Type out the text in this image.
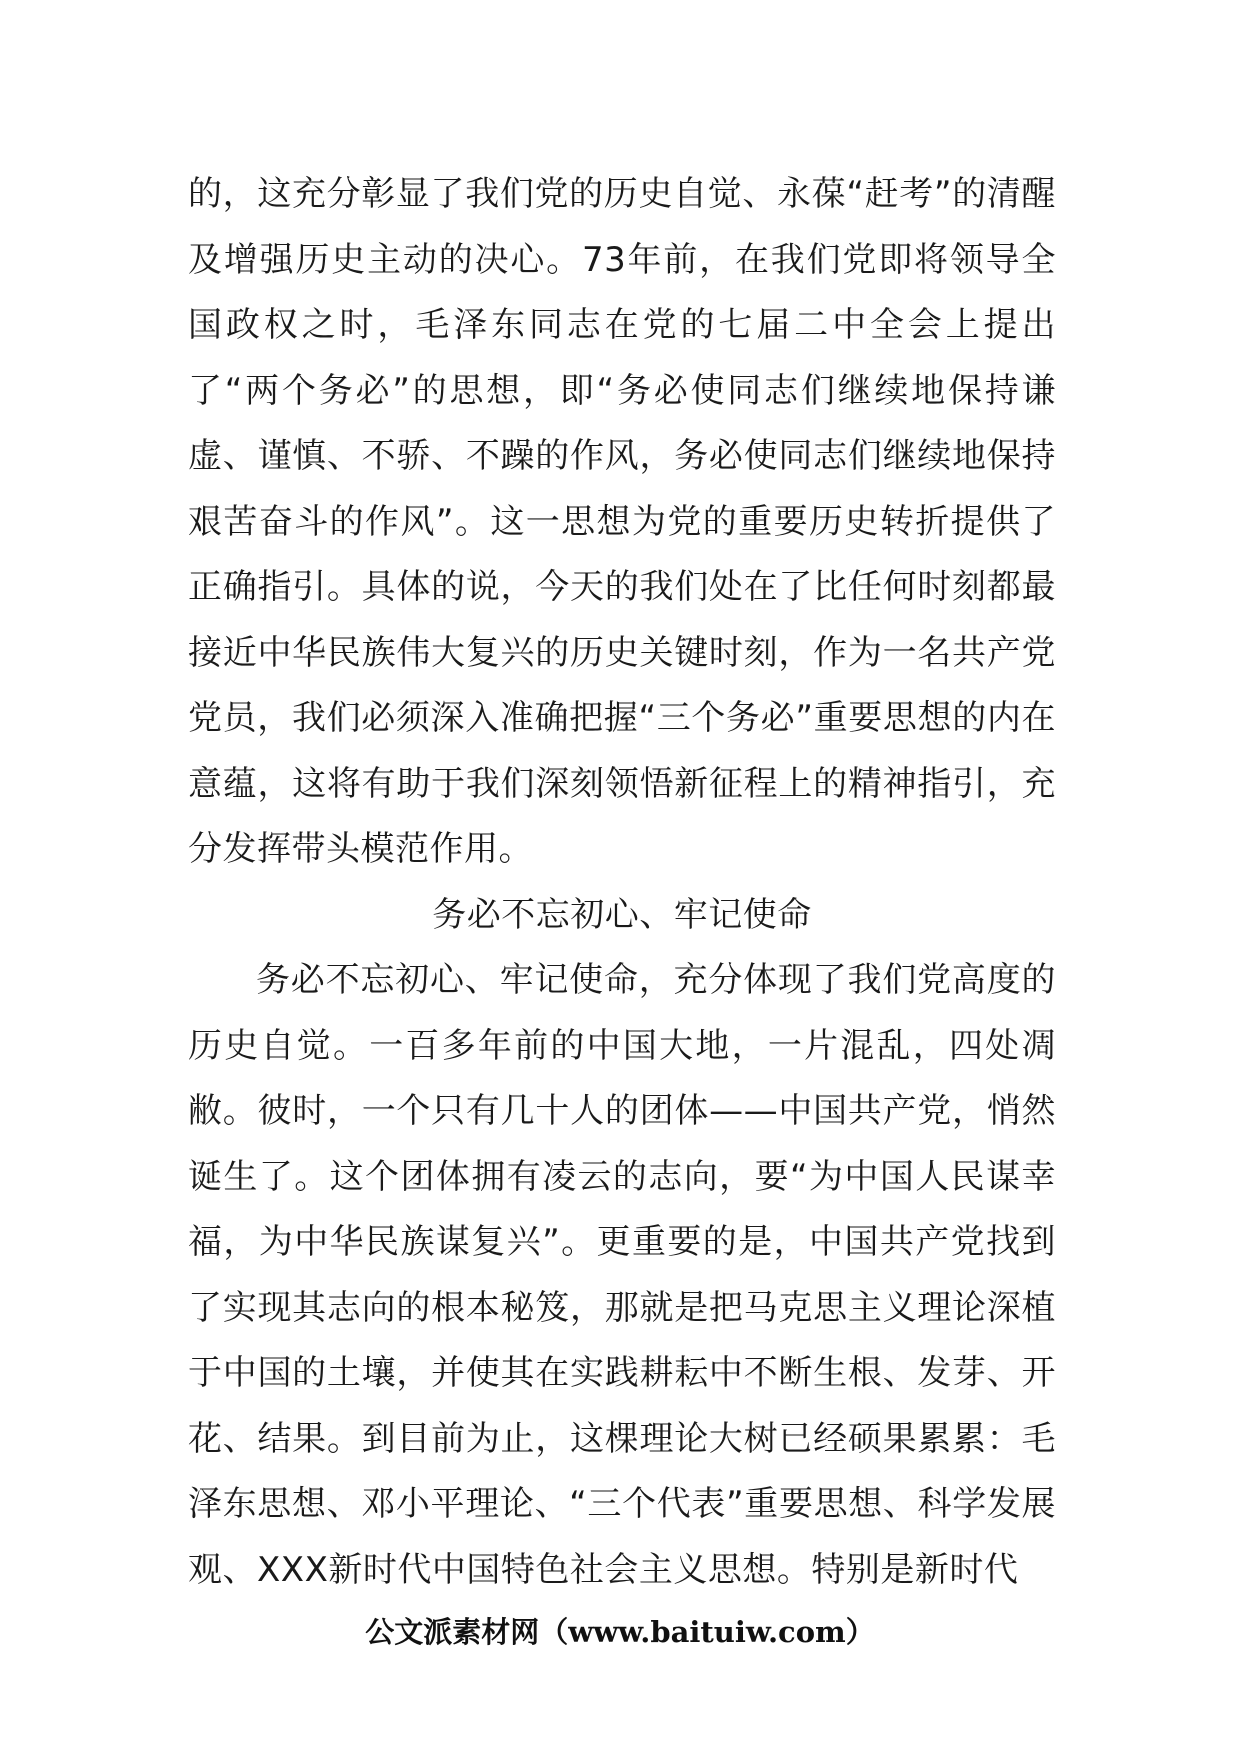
的，这充分彰显了我们党的历史自觉、永葆“赶考”的清醒及增强历史主动的决心。73年前，在我们党即将领导全国政权之时，毛泽东同志在党的七届二中全会上提出了“两个务必”的思想，即“务必使同志们继续地保持谦虚、谨慎、不骄、不躁的作风，务必使同志们继续地保持艰苦奋斗的作风”。这一思想为党的重要历史转折提供了正确指引。具体的说，今天的我们处在了比任何时刻都最接近中华民族伟大复兴的历史关键时刻，作为一名共产党党员，我们必须深入准确把握“三个务必”重要思想的内在意蕴，这将有助于我们深刻领悟新征程上的精神指引，充分发挥带头模范作用。

务必不忘初心、牢记使命

务必不忘初心、牢记使命，充分体现了我们党高度的历史自觉。一百多年前的中国大地，一片混乱，四处凋敝。彼时，一个只有几十人的团体——中国共产党，悄然诞生了。这个团体拥有凌云的志向，要“为中国人民谋幸福，为中华民族谋复兴”。更重要的是，中国共产党找到了实现其志向的根本秘笈，那就是把马克思主义理论深植于中国的土壤，并使其在实践耕耘中不断生根、发芽、开花、结果。到目前为止，这棵理论大树已经硕果累累：毛泽东思想、邓小平理论、“三个代表”重要思想、科学发展观、XXX新时代中国特色社会主义思想。特别是新时代

公文派素材网（www.baituiw.com）
